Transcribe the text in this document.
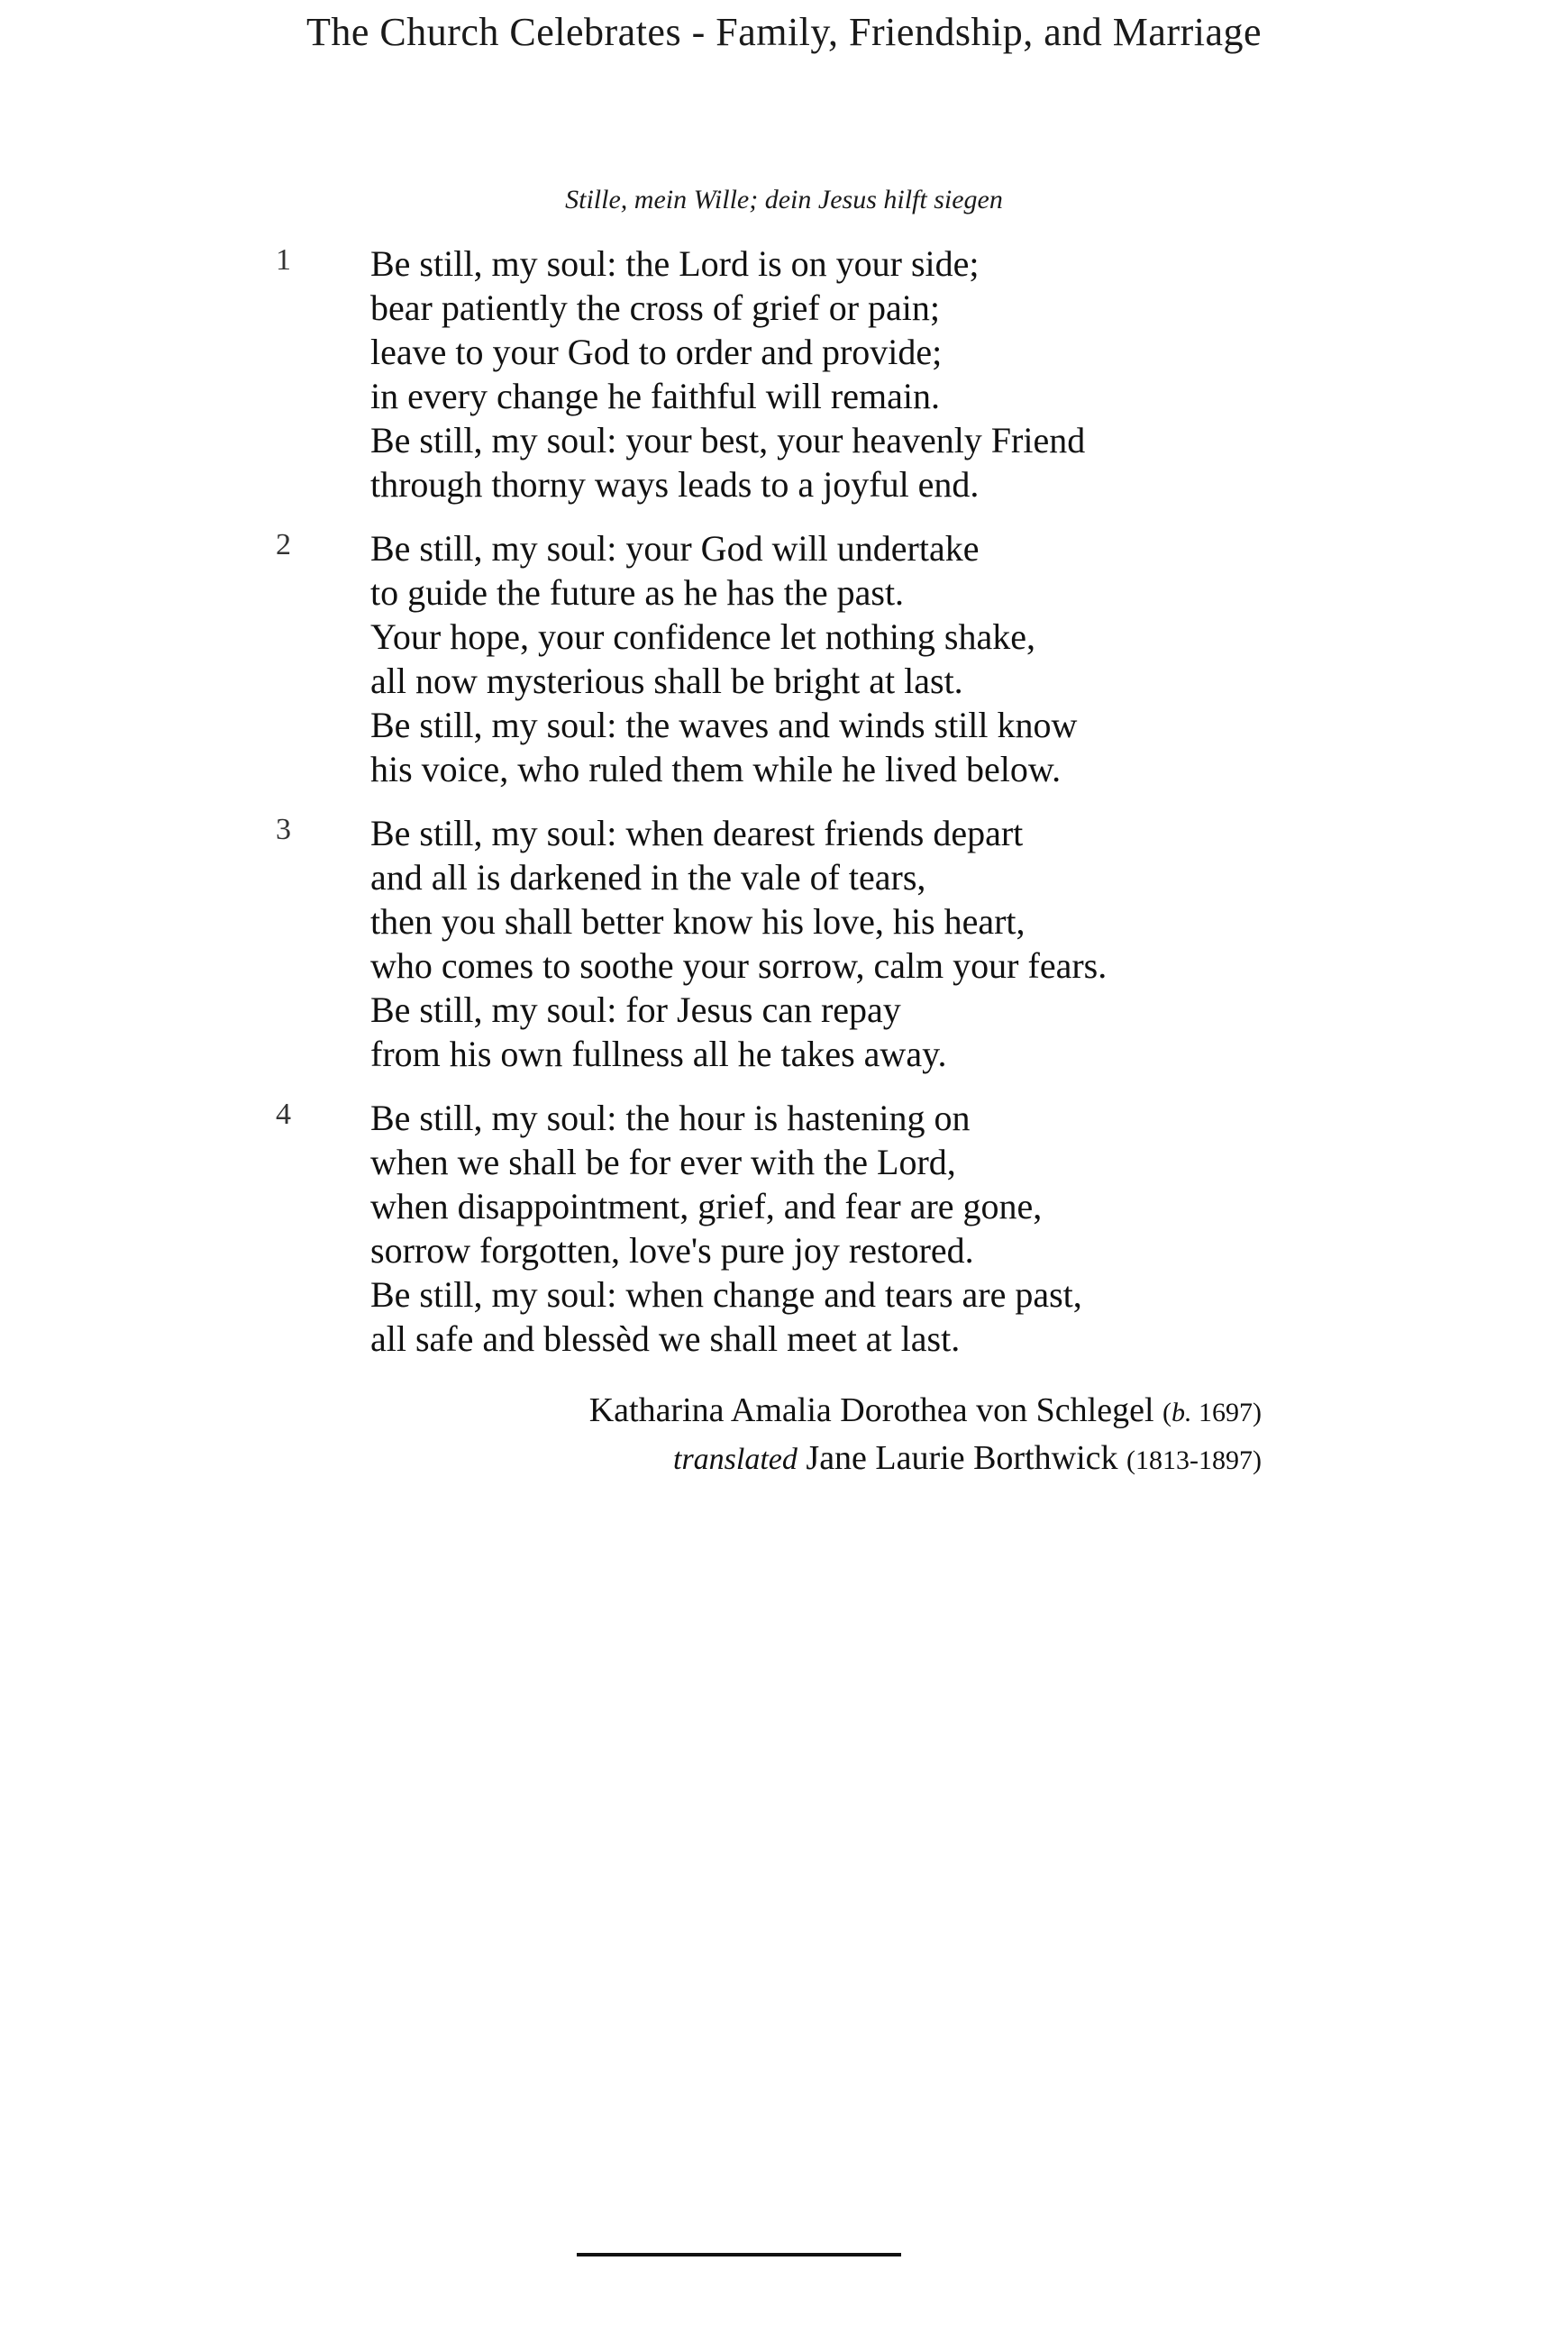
The Church Celebrates - Family, Friendship, and Marriage
Stille, mein Wille; dein Jesus hilft siegen
1 Be still, my soul: the Lord is on your side;
bear patiently the cross of grief or pain;
leave to your God to order and provide;
in every change he faithful will remain.
Be still, my soul: your best, your heavenly Friend
through thorny ways leads to a joyful end.
2 Be still, my soul: your God will undertake
to guide the future as he has the past.
Your hope, your confidence let nothing shake,
all now mysterious shall be bright at last.
Be still, my soul: the waves and winds still know
his voice, who ruled them while he lived below.
3 Be still, my soul: when dearest friends depart
and all is darkened in the vale of tears,
then you shall better know his love, his heart,
who comes to soothe your sorrow, calm your fears.
Be still, my soul: for Jesus can repay
from his own fullness all he takes away.
4 Be still, my soul: the hour is hastening on
when we shall be for ever with the Lord,
when disappointment, grief, and fear are gone,
sorrow forgotten, love's pure joy restored.
Be still, my soul: when change and tears are past,
all safe and blessèd we shall meet at last.
Katharina Amalia Dorothea von Schlegel (b. 1697)
translated Jane Laurie Borthwick (1813-1897)
